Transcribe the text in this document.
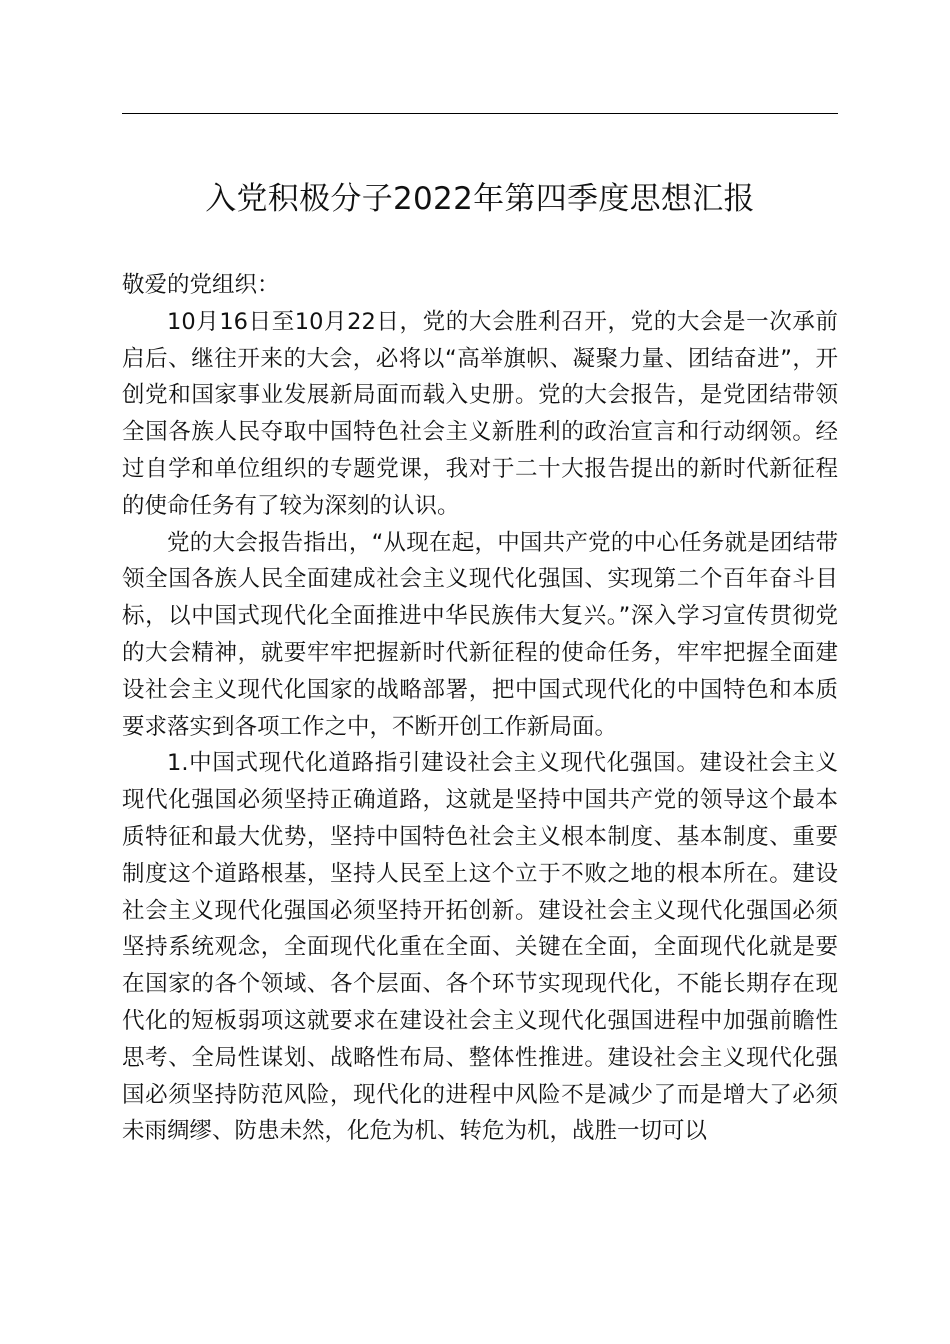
入党积极分子2022年第四季度思想汇报

敬爱的党组织：

10月16日至10月22日，党的大会胜利召开，党的大会是一次承前启后、继往开来的大会，必将以“高举旗帜、凝聚力量、团结奋进”，开创党和国家事业发展新局面而载入史册。党的大会报告，是党团结带领全国各族人民夺取中国特色社会主义新胜利的政治宣言和行动纲领。经过自学和单位组织的专题党课，我对于二十大报告提出的新时代新征程的使命任务有了较为深刻的认识。

党的大会报告指出，“从现在起，中国共产党的中心任务就是团结带领全国各族人民全面建成社会主义现代化强国、实现第二个百年奋斗目标，以中国式现代化全面推进中华民族伟大复兴。”深入学习宣传贯彻党的大会精神，就要牢牢把握新时代新征程的使命任务，牢牢把握全面建设社会主义现代化国家的战略部署，把中国式现代化的中国特色和本质要求落实到各项工作之中，不断开创工作新局面。

1.中国式现代化道路指引建设社会主义现代化强国。建设社会主义现代化强国必须坚持正确道路，这就是坚持中国共产党的领导这个最本质特征和最大优势，坚持中国特色社会主义根本制度、基本制度、重要制度这个道路根基，坚持人民至上这个立于不败之地的根本所在。建设社会主义现代化强国必须坚持开拓创新。建设社会主义现代化强国必须坚持系统观念，全面现代化重在全面、关键在全面，全面现代化就是要在国家的各个领域、各个层面、各个环节实现现代化，不能长期存在现代化的短板弱项这就要求在建设社会主义现代化强国进程中加强前瞻性思考、全局性谋划、战略性布局、整体性推进。建设社会主义现代化强国必须坚持防范风险，现代化的进程中风险不是减少了而是增大了必须未雨绸缪、防患未然，化危为机、转危为机，战胜一切可以
